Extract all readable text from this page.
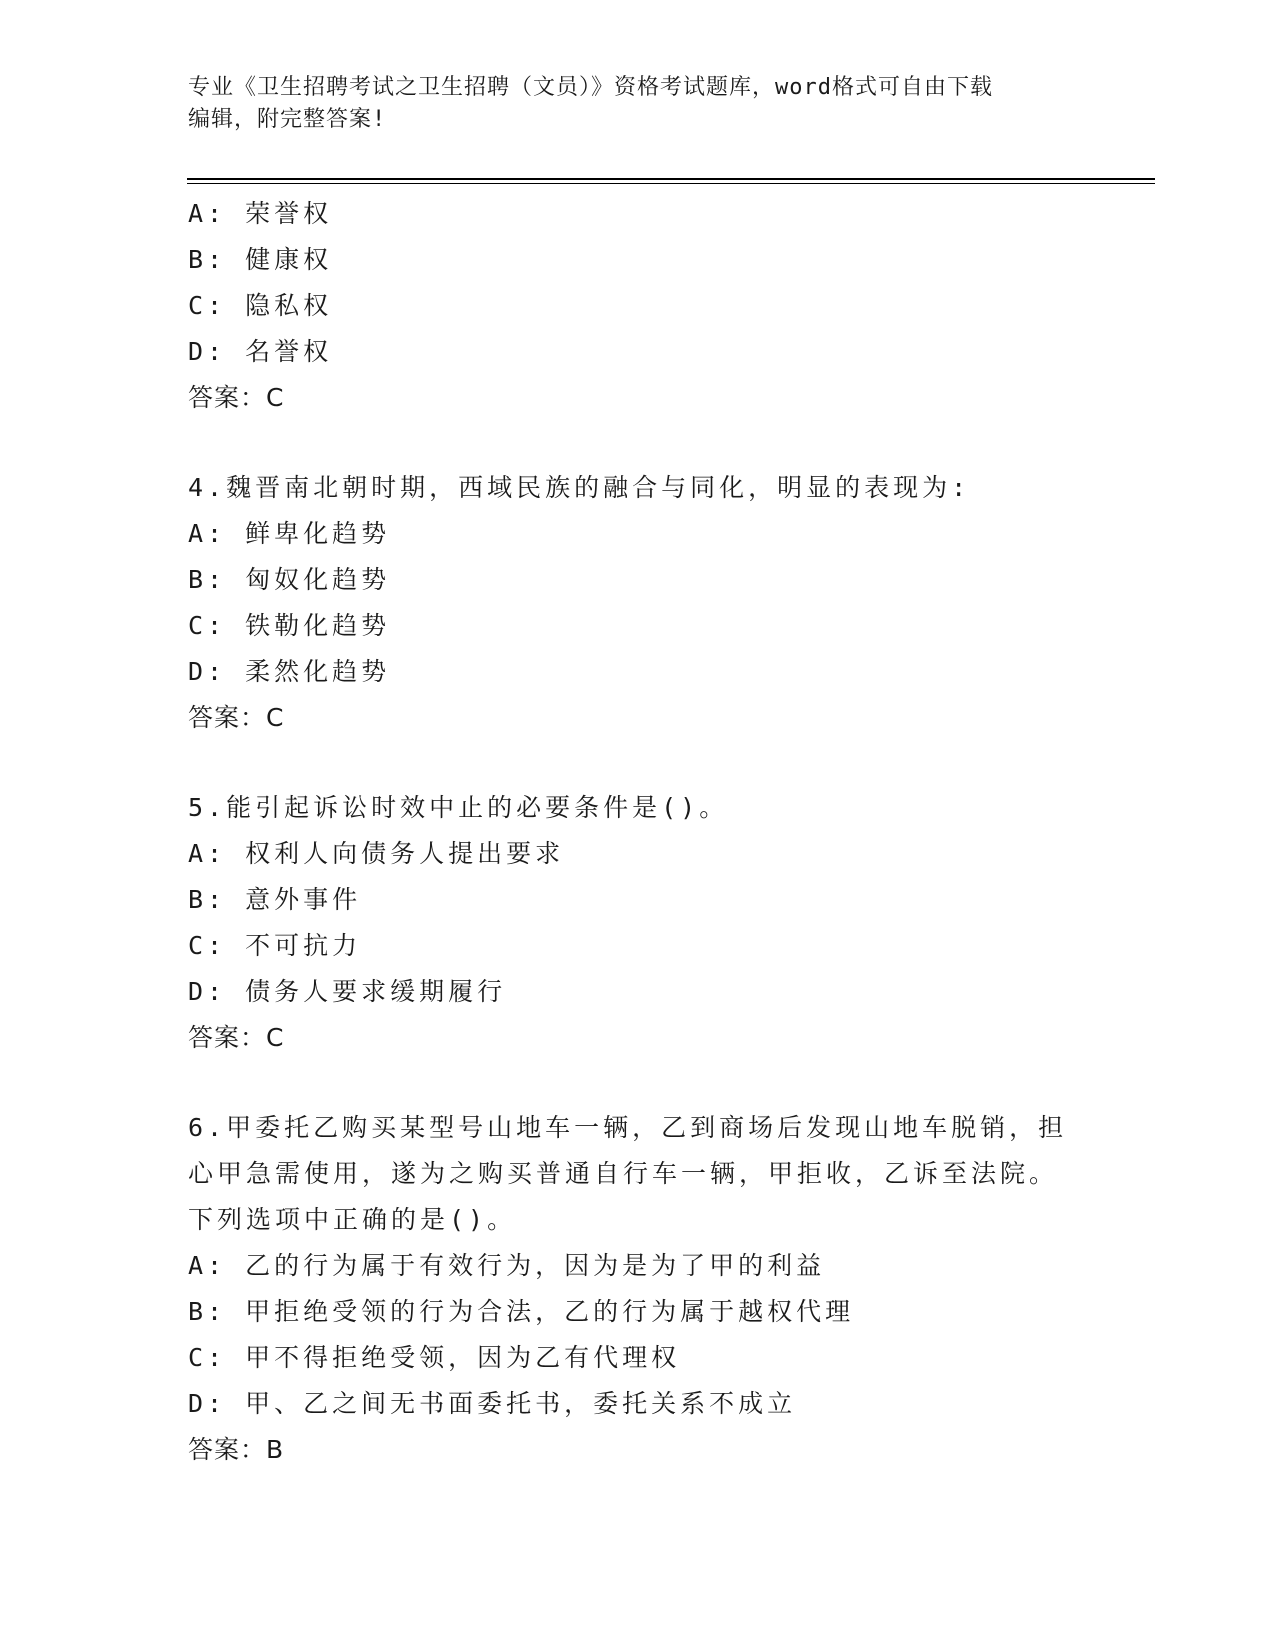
专业《卫生招聘考试之卫生招聘（文员）》资格考试题库，word格式可自由下载
编辑，附完整答案!
A: 荣誉权
B: 健康权
C: 隐私权
D: 名誉权
答案：C
4.魏晋南北朝时期，西域民族的融合与同化，明显的表现为:
A: 鲜卑化趋势
B: 匈奴化趋势
C: 铁勒化趋势
D: 柔然化趋势
答案：C
5.能引起诉讼时效中止的必要条件是()。
A: 权利人向债务人提出要求
B: 意外事件
C: 不可抗力
D: 债务人要求缓期履行
答案：C
6.甲委托乙购买某型号山地车一辆，乙到商场后发现山地车脱销，担
心甲急需使用，遂为之购买普通自行车一辆，甲拒收，乙诉至法院。
下列选项中正确的是()。
A: 乙的行为属于有效行为，因为是为了甲的利益
B: 甲拒绝受领的行为合法，乙的行为属于越权代理
C: 甲不得拒绝受领，因为乙有代理权
D: 甲、乙之间无书面委托书，委托关系不成立
答案：B
